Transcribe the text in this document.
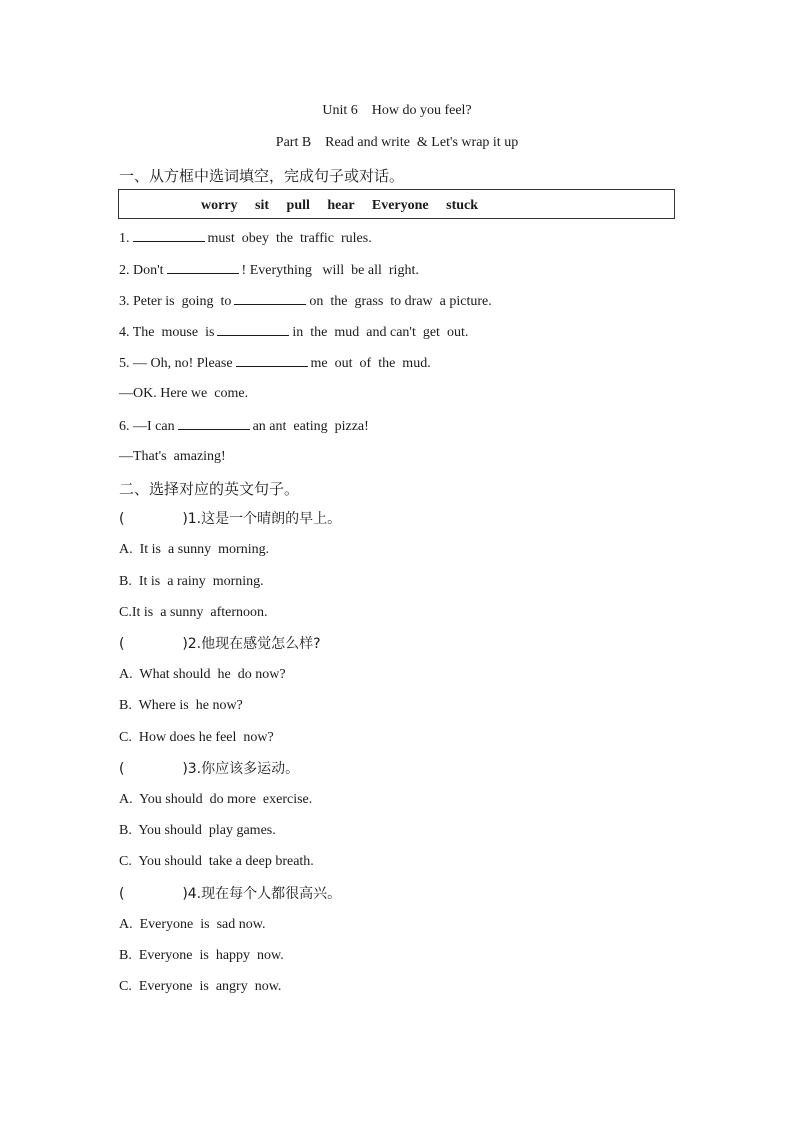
Unit 6    How do you feel?
Part B    Read and write  & Let's wrap it up
一、从方框中选词填空，完成句子或对话。
worry     sit     pull     hear     Everyone     stuck
1.	must  obey  the  traffic  rules.
2. Don't	! Everything   will  be all  right.
3. Peter is  going  to	on  the  grass  to draw  a picture.
4. The  mouse  is	in  the  mud  and can't  get  out.
5. — Oh, no! Please	me  out  of  the  mud.
—OK. Here we  come.
6. —I can	an ant  eating  pizza!
—That's  amazing!
二、选择对应的英文句子。
(             )1.这是一个晴朗的早上。
A.  It is  a sunny  morning.
B.  It is  a rainy  morning.
C.It is  a sunny  afternoon.
(             )2.他现在感觉怎么样?
A.  What should  he  do now?
B.  Where is  he now?
C.  How does he feel  now?
(             )3.你应该多运动。
A.  You should  do more  exercise.
B.  You should  play games.
C.  You should  take a deep breath.
(             )4.现在每个人都很高兴。
A.  Everyone  is  sad now.
B.  Everyone  is  happy  now.
C.  Everyone  is  angry  now.
